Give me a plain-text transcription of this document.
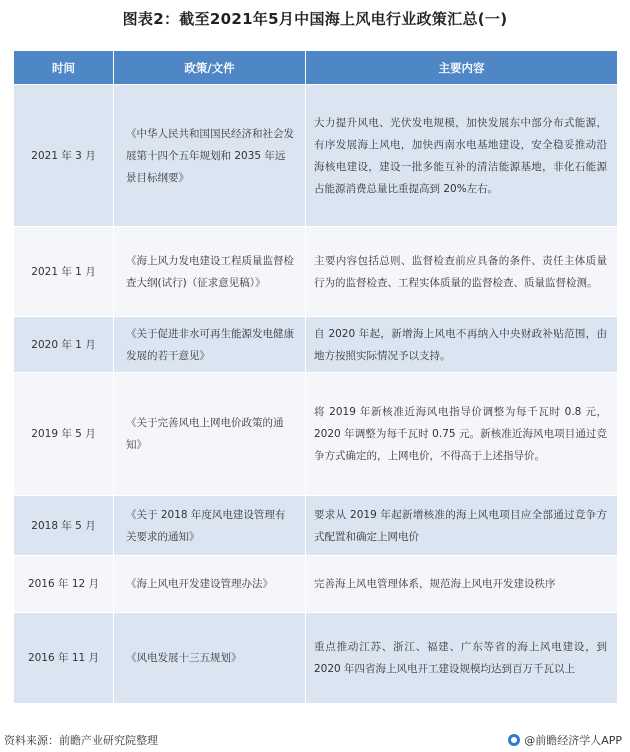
图表2：截至2021年5月中国海上风电行业政策汇总(一)
时间	政策/文件	主要内容
2021 年 3 月	《中华人民共和国国民经济和社会发展第十四个五年规划和 2035 年远景目标纲要》	大力提升风电、光伏发电规模，加快发展东中部分布式能源，有序发展海上风电，加快西南水电基地建设，安全稳妥推动沿海核电建设，建设一批多能互补的清洁能源基地，非化石能源占能源消费总量比重提高到 20%左右。
2021 年 1 月	《海上风力发电建设工程质量监督检查大纲(试行)（征求意见稿）》	主要内容包括总则、监督检查前应具备的条件、责任主体质量行为的监督检查、工程实体质量的监督检查、质量监督检测。
2020 年 1 月	《关于促进非水可再生能源发电健康发展的若干意见》	自 2020 年起，新增海上风电不再纳入中央财政补贴范围，由地方按照实际情况予以支持。
2019 年 5 月	《关于完善风电上网电价政策的通知》	将 2019 年新核准近海风电指导价调整为每千瓦时 0.8 元，2020 年调整为每千瓦时 0.75 元。新核准近海风电项目通过竞争方式确定的，上网电价，不得高于上述指导价。
2018 年 5 月	《关于 2018 年度风电建设管理有关要求的通知》	要求从 2019 年起新增核准的海上风电项目应全部通过竞争方式配置和确定上网电价
2016 年 12 月	《海上风电开发建设管理办法》	完善海上风电管理体系，规范海上风电开发建设秩序
2016 年 11 月	《风电发展十三五规划》	重点推动江苏、浙江、福建、广东等省的海上风电建设，到 2020 年四省海上风电开工建设规模均达到百万千瓦以上
资料来源：前瞻产业研究院整理	@前瞻经济学人APP
